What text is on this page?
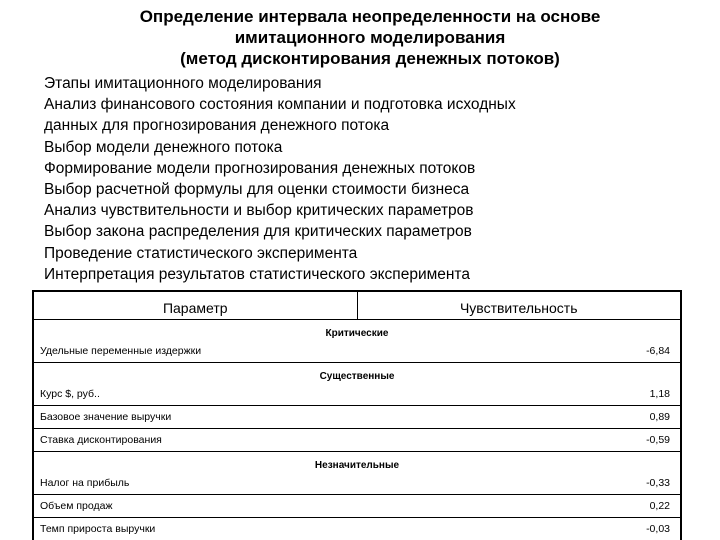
Определение интервала неопределенности на основе
имитационного моделирования
(метод дисконтирования денежных потоков)
Этапы имитационного моделирования
Анализ финансового состояния компании и подготовка исходных
данных для прогнозирования денежного потока
Выбор модели денежного потока
Формирование модели прогнозирования денежных потоков
Выбор расчетной формулы для оценки стоимости бизнеса
Анализ чувствительности и выбор критических параметров
Выбор закона распределения для критических параметров
Проведение статистического эксперимента
Интерпретация результатов статистического эксперимента
Параметр	Чувствительность
Критические	
Удельные переменные издержки	-6,84
Существенные	
Курс $, руб..	1,18
Базовое значение выручки	0,89
Ставка дисконтирования	-0,59
Незначительные	
Налог на прибыль	-0,33
Объем продаж	0,22
Темп прироста выручки	-0,03
